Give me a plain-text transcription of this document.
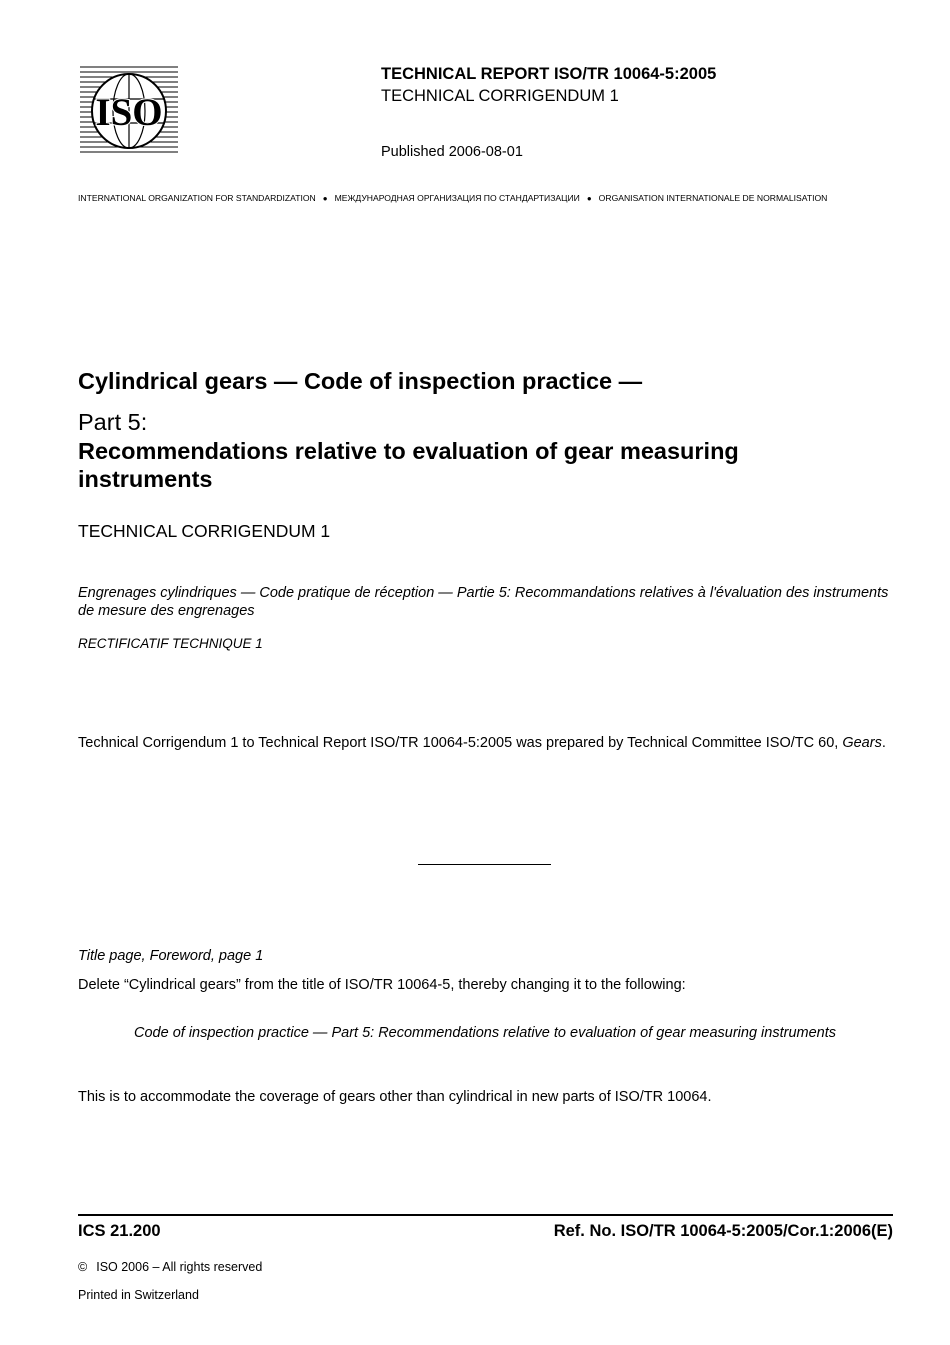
ISO
TECHNICAL REPORT ISO/TR 10064-5:2005
TECHNICAL CORRIGENDUM 1
Published 2006-08-01
INTERNATIONAL ORGANIZATION FOR STANDARDIZATION ● МЕЖДУНАРОДНАЯ ОРГАНИЗАЦИЯ ПО СТАНДАРТИЗАЦИИ ● ORGANISATION INTERNATIONALE DE NORMALISATION
Cylindrical gears — Code of inspection practice —
Part 5:
Recommendations relative to evaluation of gear measuring instruments
TECHNICAL CORRIGENDUM 1
Engrenages cylindriques — Code pratique de réception — Partie 5: Recommandations relatives à l'évaluation des instruments de mesure des engrenages
RECTIFICATIF TECHNIQUE 1
Technical Corrigendum 1 to Technical Report ISO/TR 10064-5:2005 was prepared by Technical Committee ISO/TC 60, Gears.
Title page, Foreword, page 1
Delete “Cylindrical gears” from the title of ISO/TR 10064-5, thereby changing it to the following:
Code of inspection practice — Part 5: Recommendations relative to evaluation of gear measuring instruments
This is to accommodate the coverage of gears other than cylindrical in new parts of ISO/TR 10064.
ICS 21.200	Ref. No. ISO/TR 10064-5:2005/Cor.1:2006(E)
© ISO 2006 – All rights reserved
Printed in Switzerland
